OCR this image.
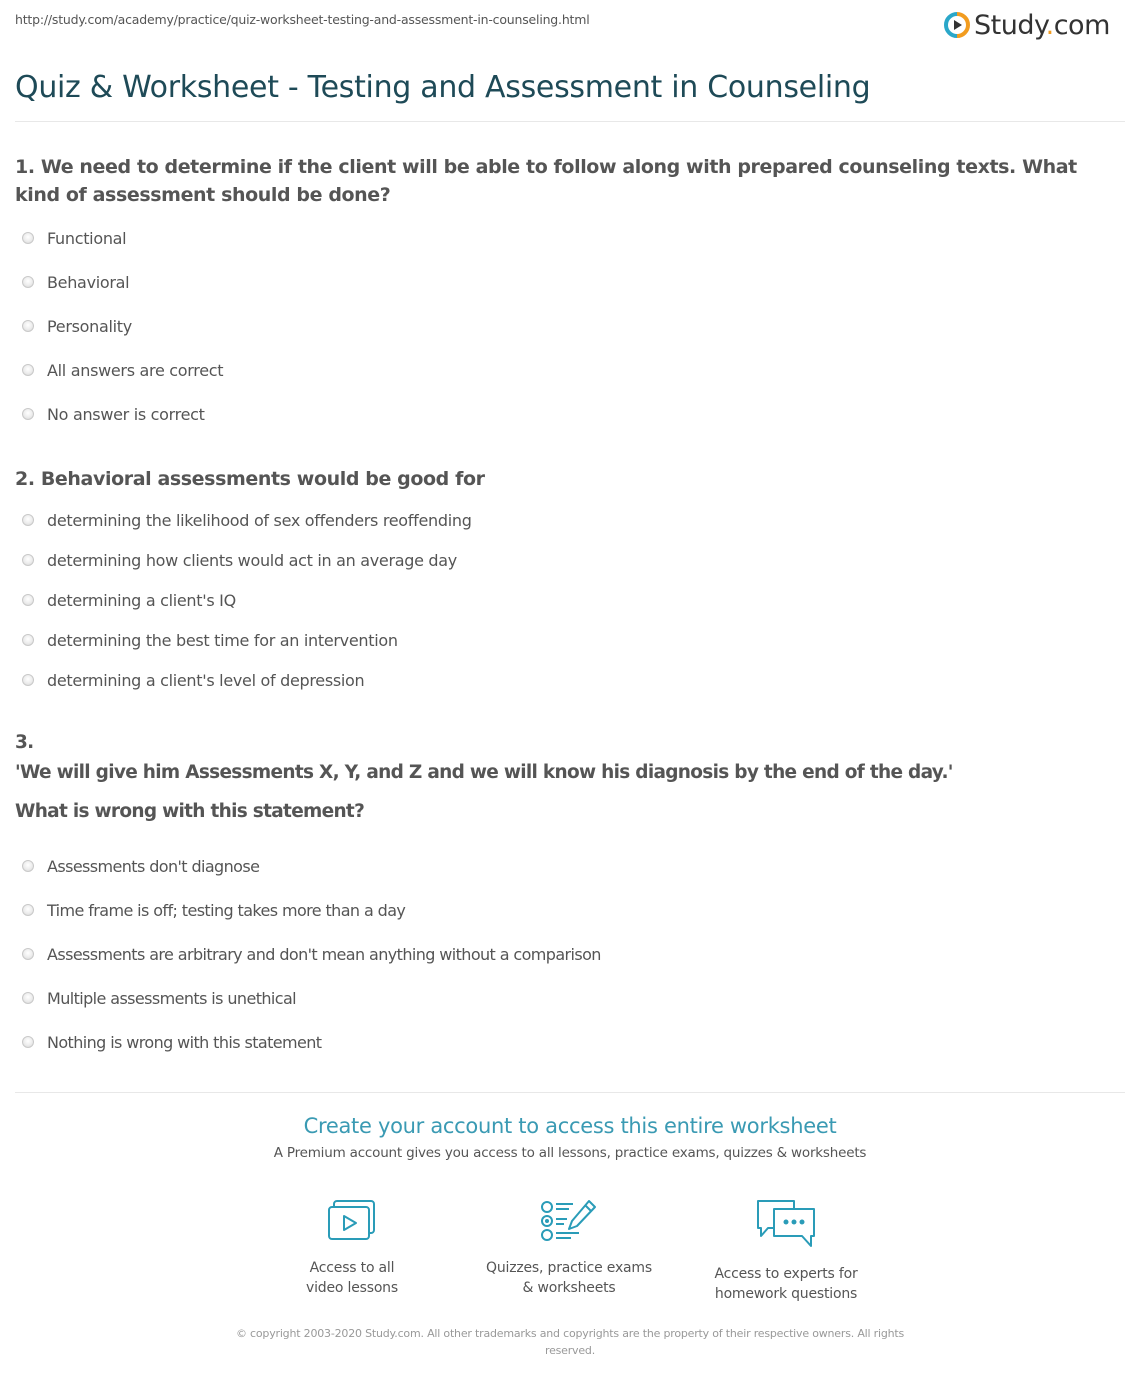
http://study.com/academy/practice/quiz-worksheet-testing-and-assessment-in-counseling.html	Study.com
Quiz & Worksheet - Testing and Assessment in Counseling
1. We need to determine if the client will be able to follow along with prepared counseling texts. What kind of assessment should be done?
Functional
Behavioral
Personality
All answers are correct
No answer is correct
2. Behavioral assessments would be good for
determining the likelihood of sex offenders reoffending
determining how clients would act in an average day
determining a client's IQ
determining the best time for an intervention
determining a client's level of depression
3.
'We will give him Assessments X, Y, and Z and we will know his diagnosis by the end of the day.'
What is wrong with this statement?
Assessments don't diagnose
Time frame is off; testing takes more than a day
Assessments are arbitrary and don't mean anything without a comparison
Multiple assessments is unethical
Nothing is wrong with this statement
Create your account to access this entire worksheet
A Premium account gives you access to all lessons, practice exams, quizzes & worksheets
Access to all
video lessons
Quizzes, practice exams
& worksheets
Access to experts for
homework questions
© copyright 2003-2020 Study.com. All other trademarks and copyrights are the property of their respective owners. All rights reserved.
